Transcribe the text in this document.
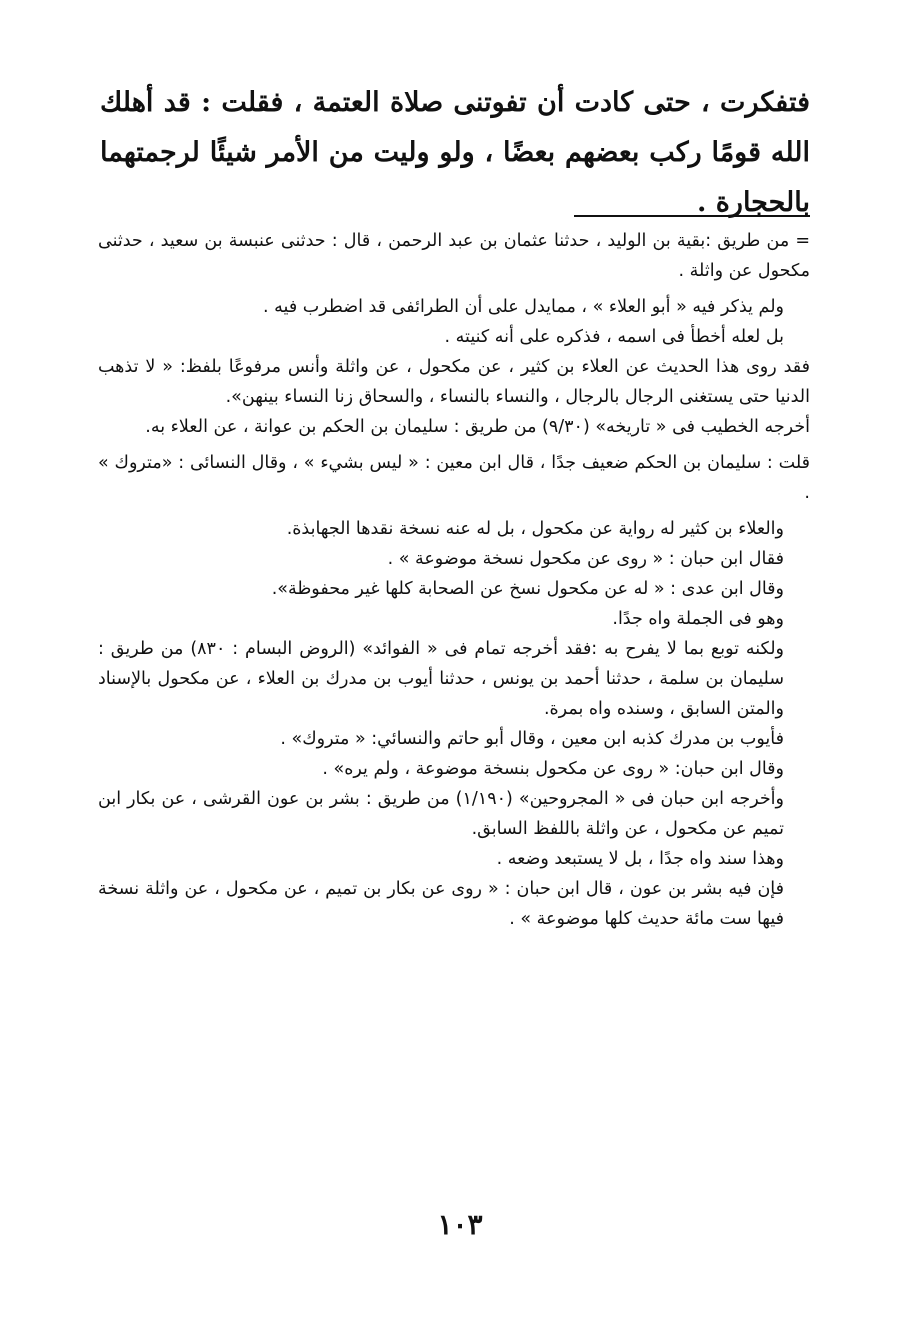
فتفكرت ، حتى كادت أن تفوتنى صلاة العتمة ، فقلت : قد أهلك الله قومًا ركب بعضهم بعضًا ، ولو وليت من الأمر شيئًا لرجمتهما بالحجارة .

= من طريق :بقية بن الوليد ، حدثنا عثمان بن عبد الرحمن ، قال : حدثنى عنبسة بن سعيد ، حدثنى مكحول عن واثلة .

ولم يذكر فيه « أبو العلاء » ، ممايدل على أن الطرائفى قد اضطرب فيه .

بل لعله أخطأ فى اسمه ، فذكره على أنه كنيته .

فقد روى هذا الحديث عن العلاء بن كثير ، عن مكحول ، عن واثلة وأنس مرفوعًا بلفظ: « لا تذهب الدنيا حتى يستغنى الرجال بالرجال ، والنساء بالنساء ، والسحاق زنا النساء بينهن».

أخرجه الخطيب فى « تاريخه» (٩/٣٠) من طريق : سليمان بن الحكم بن عوانة ، عن العلاء به.

قلت : سليمان بن الحكم ضعيف جدًا ، قال ابن معين : « ليس بشيء » ، وقال النسائى : «متروك » .

والعلاء بن كثير له رواية عن مكحول ، بل له عنه نسخة نقدها الجهابذة.

فقال ابن حبان : « روى عن مكحول نسخة موضوعة » .

وقال ابن عدى : « له عن مكحول نسخ عن الصحابة كلها غير محفوظة».

وهو فى الجملة واه جدًا.

ولكنه توبع بما لا يفرح به :فقد أخرجه تمام فى « الفوائد» (الروض البسام : ٨٣٠) من طريق : سليمان بن سلمة ، حدثنا أحمد بن يونس ، حدثنا أيوب بن مدرك بن العلاء ، عن مكحول بالإسناد والمتن السابق ، وسنده واه بمرة.

فأيوب بن مدرك كذبه ابن معين ، وقال أبو حاتم والنسائي: « متروك» .

وقال ابن حبان: « روى عن مكحول بنسخة موضوعة ، ولم يره» .

وأخرجه ابن حبان فى « المجروحين» (١/١٩٠) من طريق : بشر بن عون القرشى ، عن بكار ابن تميم عن مكحول ، عن واثلة باللفظ السابق.

وهذا سند واه جدًا ، بل لا يستبعد وضعه .

فإن فيه بشر بن عون ، قال ابن حبان : « روى عن بكار بن تميم ، عن مكحول ، عن واثلة نسخة فيها ست مائة حديث كلها موضوعة » .

١٠٣
